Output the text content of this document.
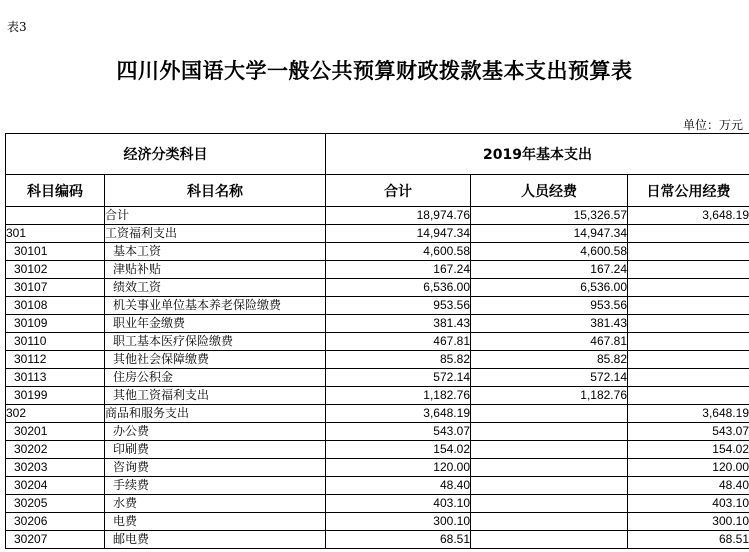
表3
四川外国语大学一般公共预算财政拨款基本支出预算表
单位：万元
经济分类科目		2019年基本支出		
科目编码	科目名称	合计	人员经费	日常公用经费
	合计	18,974.76	15,326.57	3,648.19
301	工资福利支出	14,947.34	14,947.34	
30101	基本工资	4,600.58	4,600.58	
30102	津贴补贴	167.24	167.24	
30107	绩效工资	6,536.00	6,536.00	
30108	机关事业单位基本养老保险缴费	953.56	953.56	
30109	职业年金缴费	381.43	381.43	
30110	职工基本医疗保险缴费	467.81	467.81	
30112	其他社会保障缴费	85.82	85.82	
30113	住房公积金	572.14	572.14	
30199	其他工资福利支出	1,182.76	1,182.76	
302	商品和服务支出	3,648.19		3,648.19
30201	办公费	543.07		543.07
30202	印刷费	154.02		154.02
30203	咨询费	120.00		120.00
30204	手续费	48.40		48.40
30205	水费	403.10		403.10
30206	电费	300.10		300.10
30207	邮电费	68.51		68.51
